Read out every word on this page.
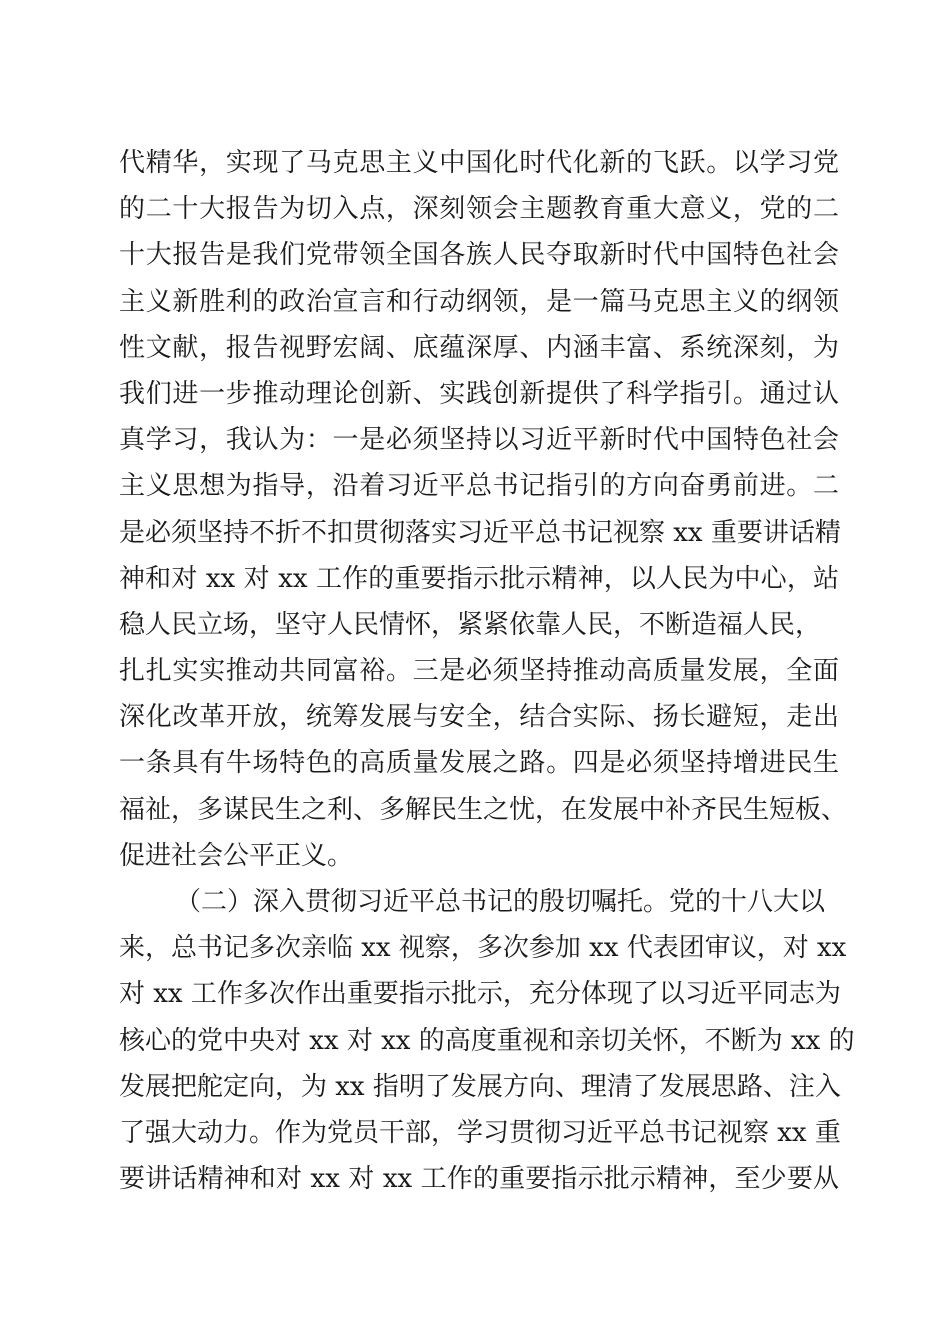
代精华，实现了马克思主义中国化时代化新的飞跃。以学习党
的二十大报告为切入点，深刻领会主题教育重大意义，党的二
十大报告是我们党带领全国各族人民夺取新时代中国特色社会
主义新胜利的政治宣言和行动纲领，是一篇马克思主义的纲领
性文献，报告视野宏阔、底蕴深厚、内涵丰富、系统深刻，为
我们进一步推动理论创新、实践创新提供了科学指引。通过认
真学习，我认为：一是必须坚持以习近平新时代中国特色社会
主义思想为指导，沿着习近平总书记指引的方向奋勇前进。二
是必须坚持不折不扣贯彻落实习近平总书记视察 xx 重要讲话精
神和对 xx 对 xx 工作的重要指示批示精神，以人民为中心，站
稳人民立场，坚守人民情怀，紧紧依靠人民，不断造福人民，
扎扎实实推动共同富裕。三是必须坚持推动高质量发展，全面
深化改革开放，统筹发展与安全，结合实际、扬长避短，走出
一条具有牛场特色的高质量发展之路。四是必须坚持增进民生
福祉，多谋民生之利、多解民生之忧，在发展中补齐民生短板、
促进社会公平正义。
（二）深入贯彻习近平总书记的殷切嘱托。党的十八大以
来，总书记多次亲临 xx 视察，多次参加 xx 代表团审议，对 xx
对 xx 工作多次作出重要指示批示，充分体现了以习近平同志为
核心的党中央对 xx 对 xx 的高度重视和亲切关怀，不断为 xx 的
发展把舵定向，为 xx 指明了发展方向、理清了发展思路、注入
了强大动力。作为党员干部，学习贯彻习近平总书记视察 xx 重
要讲话精神和对 xx 对 xx 工作的重要指示批示精神，至少要从
